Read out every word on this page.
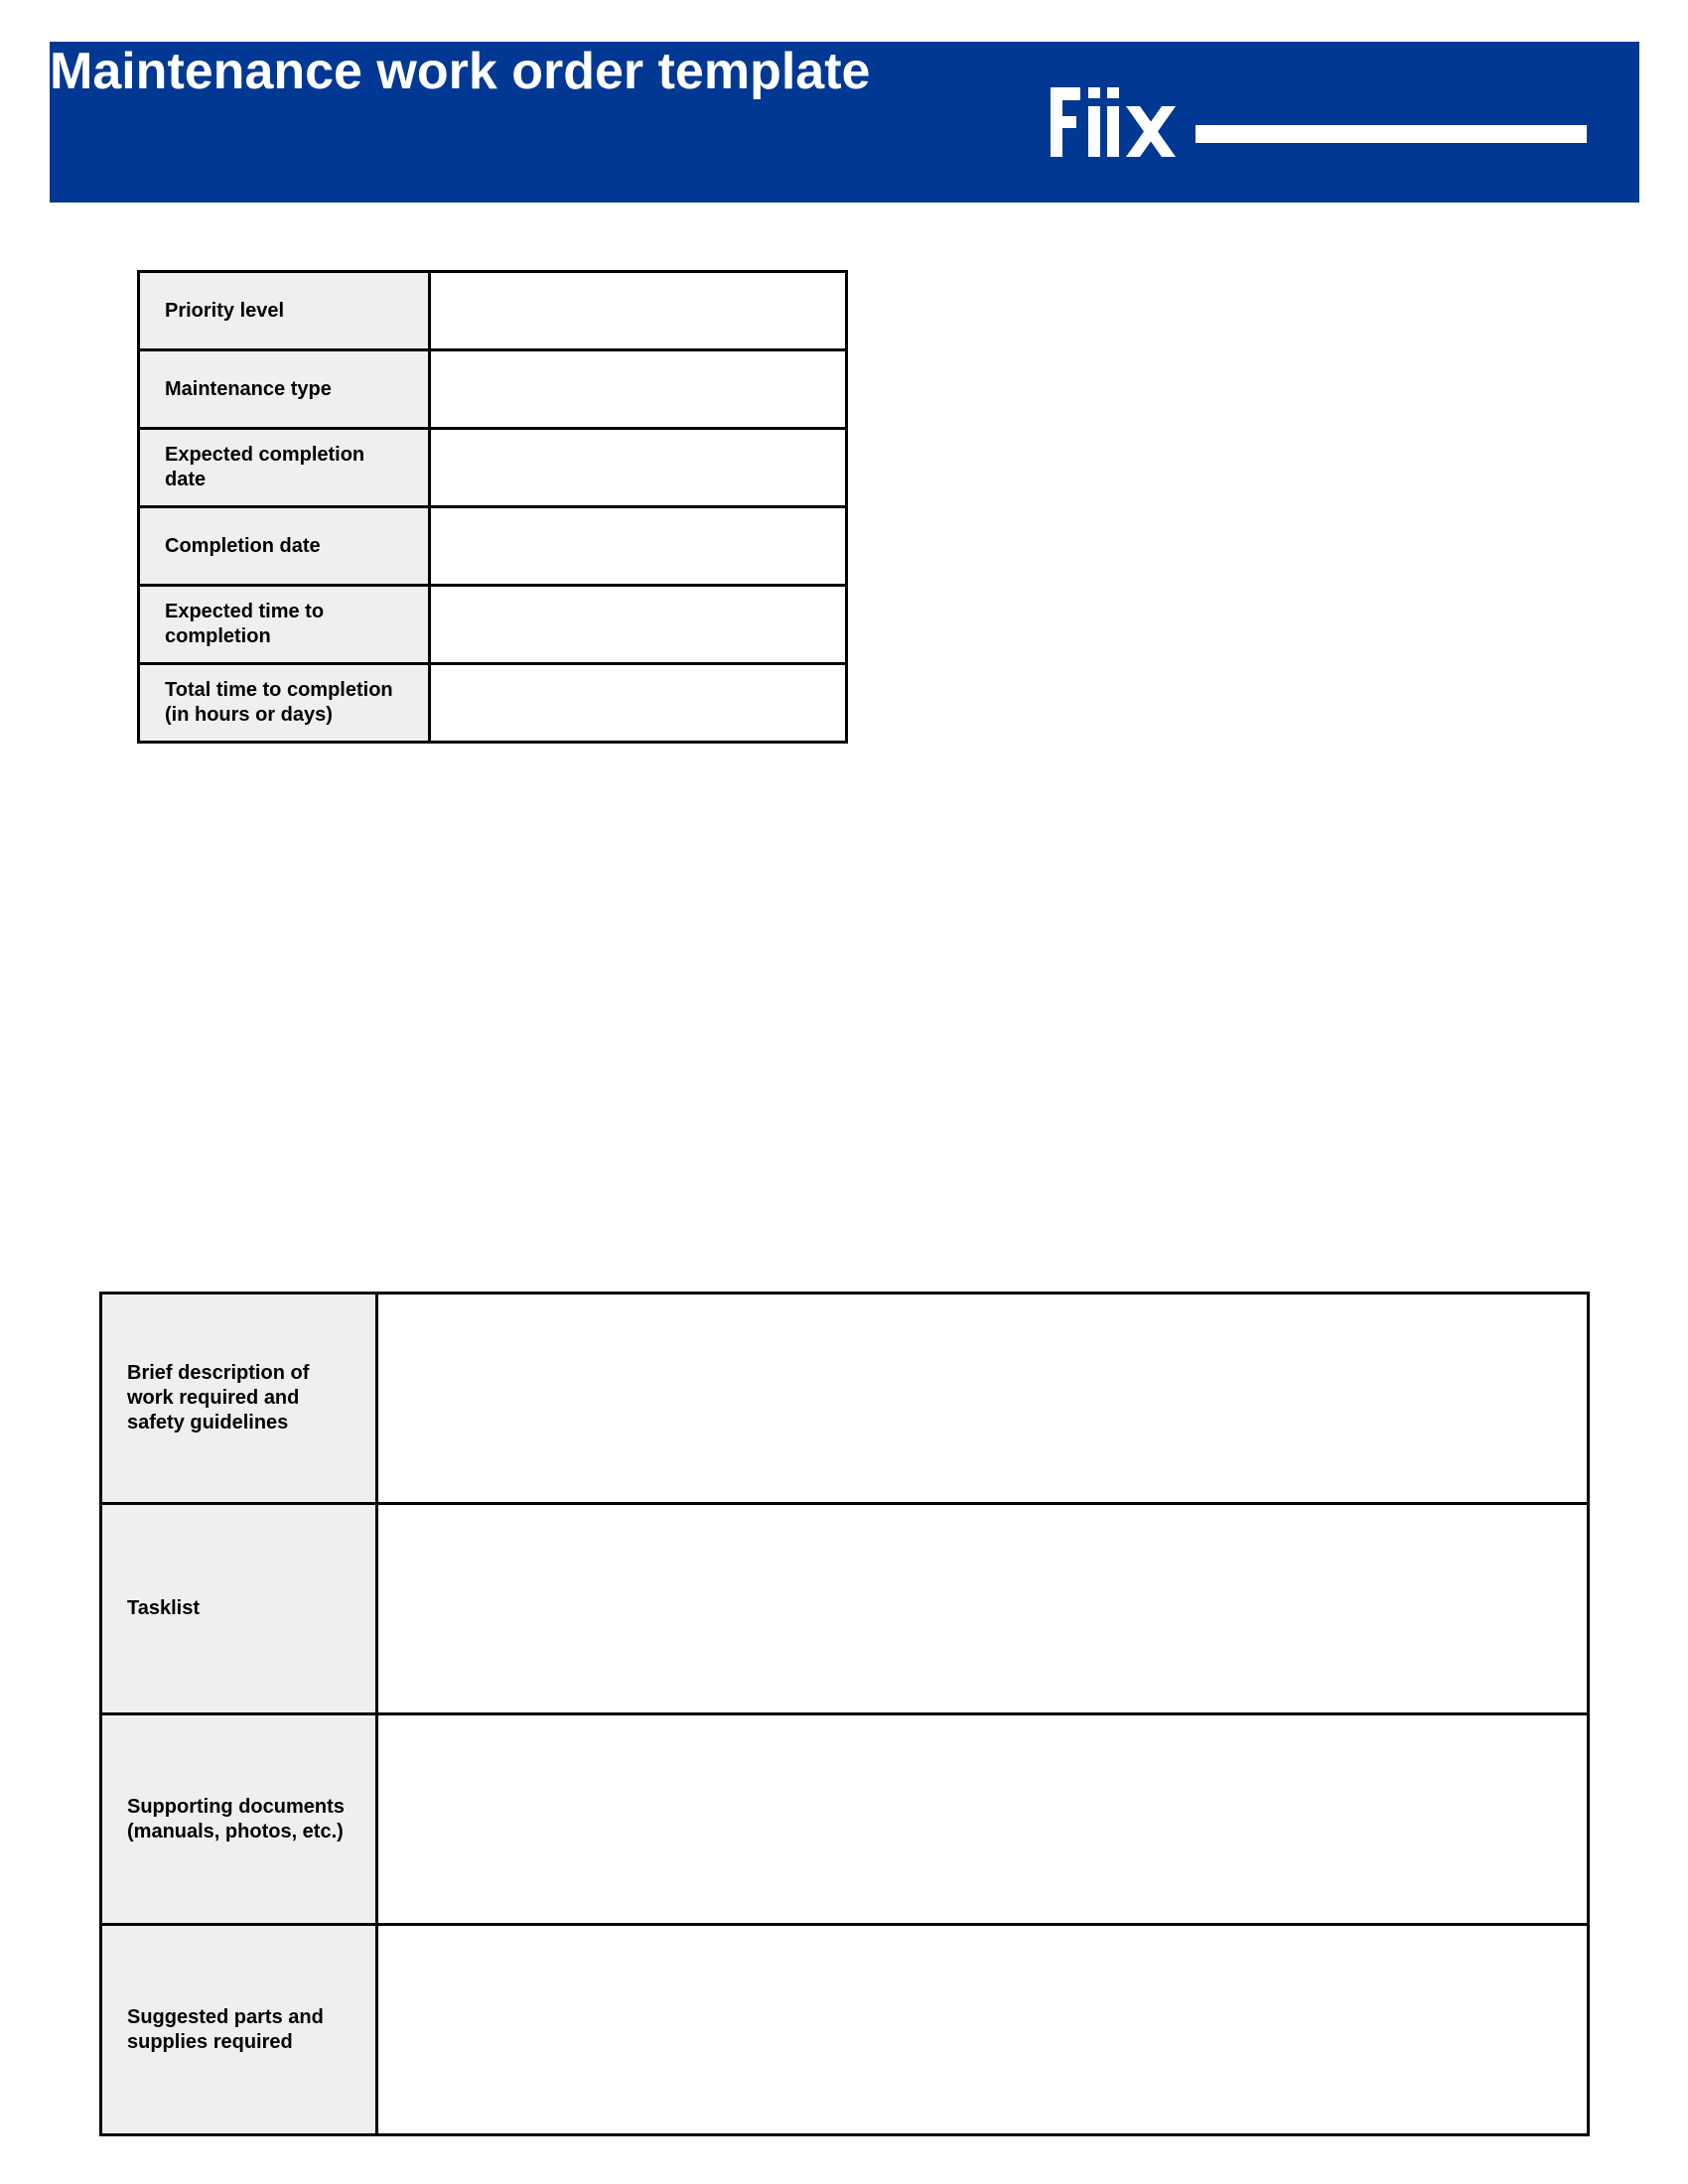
Maintenance work order template
Priority level	
Maintenance type	
Expected completion date	
Completion date	
Expected time to completion	
Total time to completion (in hours or days)	
Brief description of work required and safety guidelines	
Tasklist	
Supporting documents (manuals, photos, etc.)	
Suggested parts and supplies required	
